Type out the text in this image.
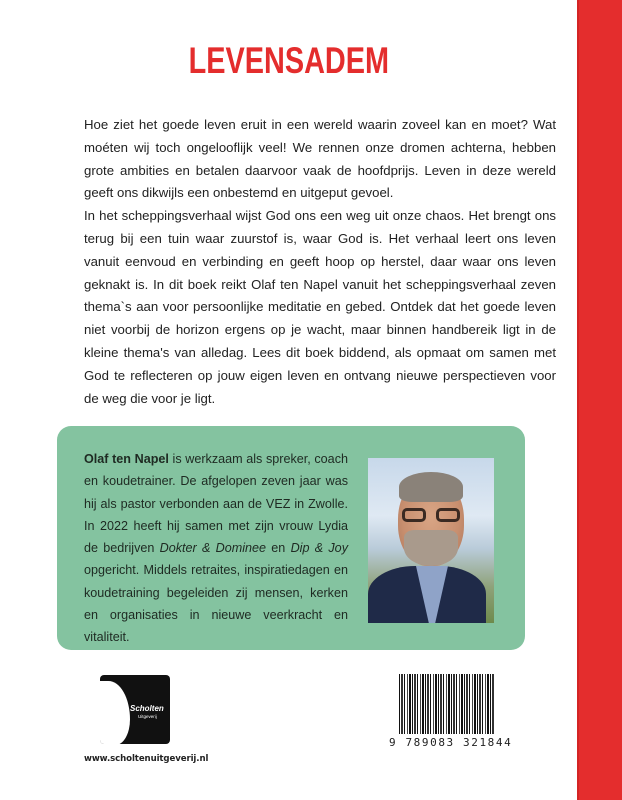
LEVENSADEM

Hoe ziet het goede leven eruit in een wereld waarin zoveel kan en moet? Wat moéten wij toch ongelooflijk veel! We rennen onze dromen achterna, hebben grote ambities en betalen daarvoor vaak de hoofdprijs. Leven in deze wereld geeft ons dikwijls een onbestemd en uitgeput gevoel.

In het scheppingsverhaal wijst God ons een weg uit onze chaos. Het brengt ons terug bij een tuin waar zuurstof is, waar God is. Het verhaal leert ons leven vanuit eenvoud en verbinding en geeft hoop op herstel, daar waar ons leven geknakt is. In dit boek reikt Olaf ten Napel vanuit het scheppingsverhaal zeven thema`s aan voor persoonlijke meditatie en gebed. Ontdek dat het goede leven niet voorbij de horizon ergens op je wacht, maar binnen handbereik ligt in de kleine thema's van alledag. Lees dit boek biddend, als opmaat om samen met God te reflecteren op jouw eigen leven en ontvang nieuwe perspectieven voor de weg die voor je ligt.

Olaf ten Napel is werkzaam als spreker, coach en koudetrainer. De afgelopen zeven jaar was hij als pastor verbonden aan de VEZ in Zwolle. In 2022 heeft hij samen met zijn vrouw Lydia de bedrijven Dokter & Dominee en Dip & Joy opgericht. Middels retraites, inspiratiedagen en koudetraining begeleiden zij mensen, kerken en organisaties in nieuwe veerkracht en vitaliteit.
Scholten
Uitgeverij
www.scholtenuitgeverij.nl
9 789083 321844
